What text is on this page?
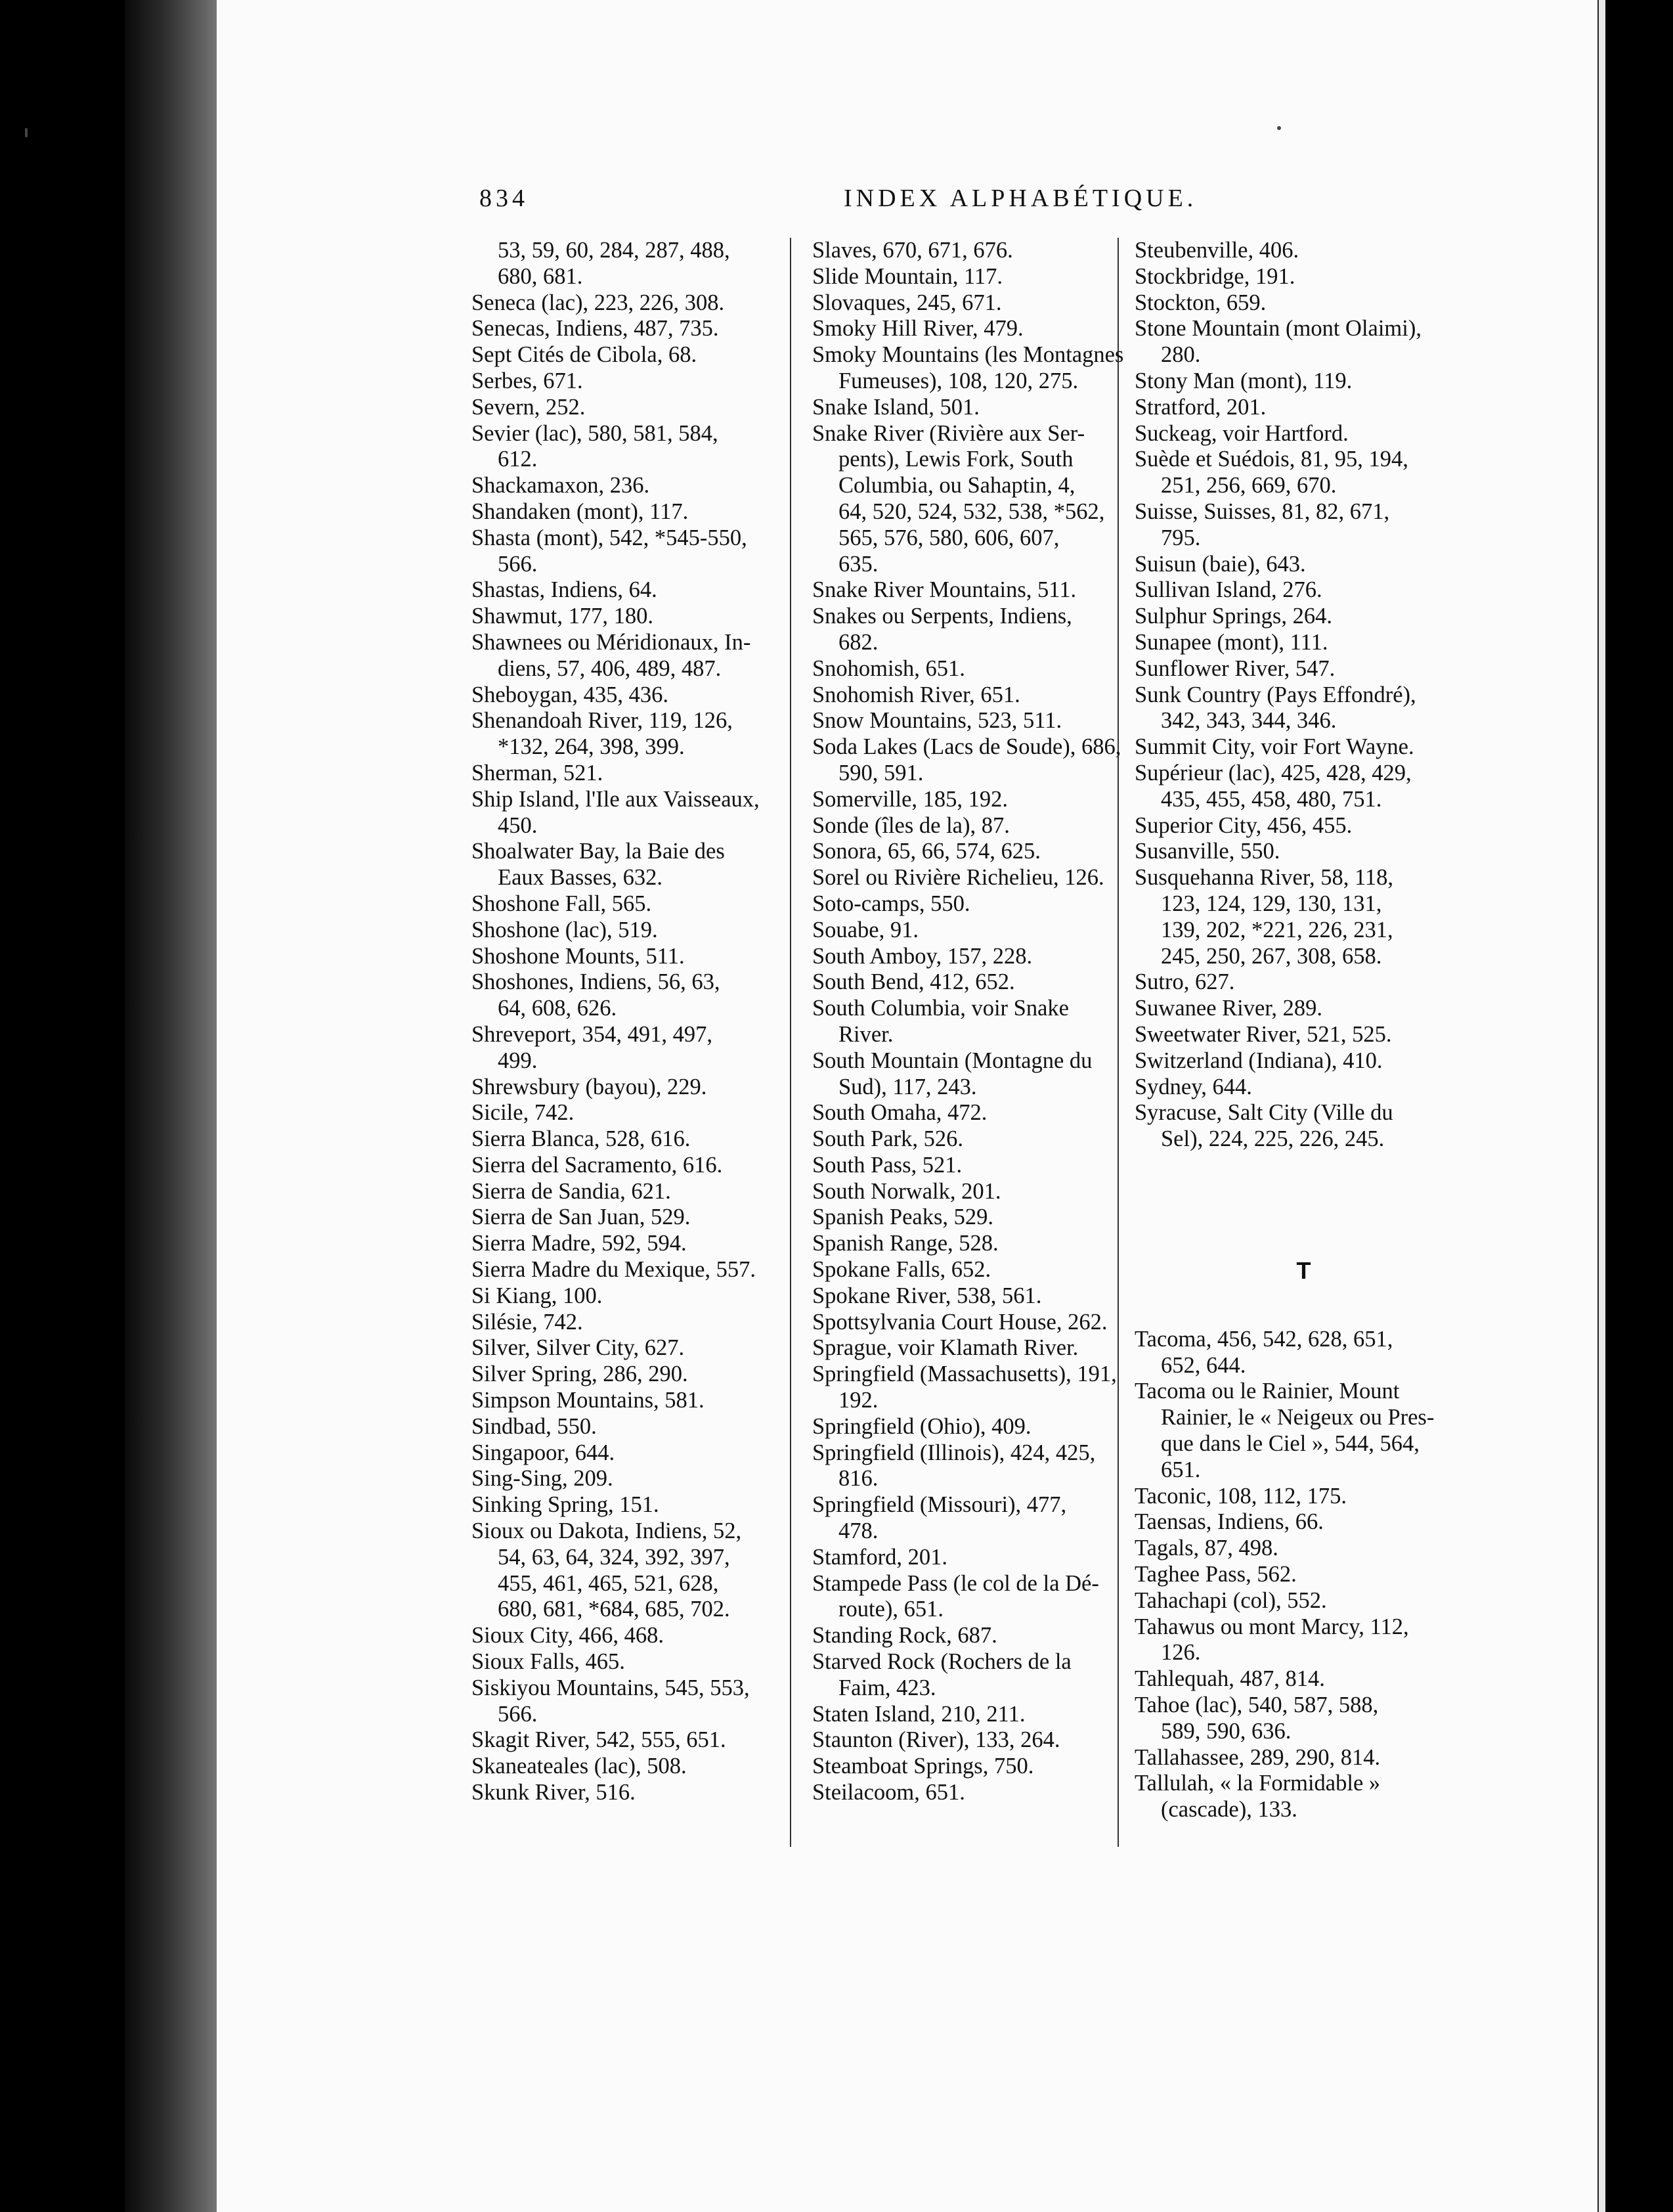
834	INDEX ALPHABÉTIQUE.
53, 59, 60, 284, 287, 488,
680, 681.
Seneca (lac), 223, 226, 308.
Senecas, Indiens, 487, 735.
Sept Cités de Cibola, 68.
Serbes, 671.
Severn, 252.
Sevier (lac), 580, 581, 584,
612.
Shackamaxon, 236.
Shandaken (mont), 117.
Shasta (mont), 542, *545-550,
566.
Shastas, Indiens, 64.
Shawmut, 177, 180.
Shawnees ou Méridionaux, In-
diens, 57, 406, 489, 487.
Sheboygan, 435, 436.
Shenandoah River, 119, 126,
*132, 264, 398, 399.
Sherman, 521.
Ship Island, l'Ile aux Vaisseaux,
450.
Shoalwater Bay, la Baie des
Eaux Basses, 632.
Shoshone Fall, 565.
Shoshone (lac), 519.
Shoshone Mounts, 511.
Shoshones, Indiens, 56, 63,
64, 608, 626.
Shreveport, 354, 491, 497,
499.
Shrewsbury (bayou), 229.
Sicile, 742.
Sierra Blanca, 528, 616.
Sierra del Sacramento, 616.
Sierra de Sandia, 621.
Sierra de San Juan, 529.
Sierra Madre, 592, 594.
Sierra Madre du Mexique, 557.
Si Kiang, 100.
Silésie, 742.
Silver, Silver City, 627.
Silver Spring, 286, 290.
Simpson Mountains, 581.
Sindbad, 550.
Singapoor, 644.
Sing-Sing, 209.
Sinking Spring, 151.
Sioux ou Dakota, Indiens, 52,
54, 63, 64, 324, 392, 397,
455, 461, 465, 521, 628,
680, 681, *684, 685, 702.
Sioux City, 466, 468.
Sioux Falls, 465.
Siskiyou Mountains, 545, 553,
566.
Skagit River, 542, 555, 651.
Skaneateales (lac), 508.
Skunk River, 516.
Slaves, 670, 671, 676.
Slide Mountain, 117.
Slovaques, 245, 671.
Smoky Hill River, 479.
Smoky Mountains (les Montagnes
Fumeuses), 108, 120, 275.
Snake Island, 501.
Snake River (Rivière aux Ser-
pents), Lewis Fork, South
Columbia, ou Sahaptin, 4,
64, 520, 524, 532, 538, *562,
565, 576, 580, 606, 607,
635.
Snake River Mountains, 511.
Snakes ou Serpents, Indiens,
682.
Snohomish, 651.
Snohomish River, 651.
Snow Mountains, 523, 511.
Soda Lakes (Lacs de Soude), 686,
590, 591.
Somerville, 185, 192.
Sonde (îles de la), 87.
Sonora, 65, 66, 574, 625.
Sorel ou Rivière Richelieu, 126.
Soto-camps, 550.
Souabe, 91.
South Amboy, 157, 228.
South Bend, 412, 652.
South Columbia, voir Snake
River.
South Mountain (Montagne du
Sud), 117, 243.
South Omaha, 472.
South Park, 526.
South Pass, 521.
South Norwalk, 201.
Spanish Peaks, 529.
Spanish Range, 528.
Spokane Falls, 652.
Spokane River, 538, 561.
Spottsylvania Court House, 262.
Sprague, voir Klamath River.
Springfield (Massachusetts), 191,
192.
Springfield (Ohio), 409.
Springfield (Illinois), 424, 425,
816.
Springfield (Missouri), 477,
478.
Stamford, 201.
Stampede Pass (le col de la Dé-
route), 651.
Standing Rock, 687.
Starved Rock (Rochers de la
Faim, 423.
Staten Island, 210, 211.
Staunton (River), 133, 264.
Steamboat Springs, 750.
Steilacoom, 651.
Steubenville, 406.
Stockbridge, 191.
Stockton, 659.
Stone Mountain (mont Olaimi),
280.
Stony Man (mont), 119.
Stratford, 201.
Suckeag, voir Hartford.
Suède et Suédois, 81, 95, 194,
251, 256, 669, 670.
Suisse, Suisses, 81, 82, 671,
795.
Suisun (baie), 643.
Sullivan Island, 276.
Sulphur Springs, 264.
Sunapee (mont), 111.
Sunflower River, 547.
Sunk Country (Pays Effondré),
342, 343, 344, 346.
Summit City, voir Fort Wayne.
Supérieur (lac), 425, 428, 429,
435, 455, 458, 480, 751.
Superior City, 456, 455.
Susanville, 550.
Susquehanna River, 58, 118,
123, 124, 129, 130, 131,
139, 202, *221, 226, 231,
245, 250, 267, 308, 658.
Sutro, 627.
Suwanee River, 289.
Sweetwater River, 521, 525.
Switzerland (Indiana), 410.
Sydney, 644.
Syracuse, Salt City (Ville du
Sel), 224, 225, 226, 245.
T
Tacoma, 456, 542, 628, 651,
652, 644.
Tacoma ou le Rainier, Mount
Rainier, le « Neigeux ou Pres-
que dans le Ciel », 544, 564,
651.
Taconic, 108, 112, 175.
Taensas, Indiens, 66.
Tagals, 87, 498.
Taghee Pass, 562.
Tahachapi (col), 552.
Tahawus ou mont Marcy, 112,
126.
Tahlequah, 487, 814.
Tahoe (lac), 540, 587, 588,
589, 590, 636.
Tallahassee, 289, 290, 814.
Tallulah, « la Formidable »
(cascade), 133.
